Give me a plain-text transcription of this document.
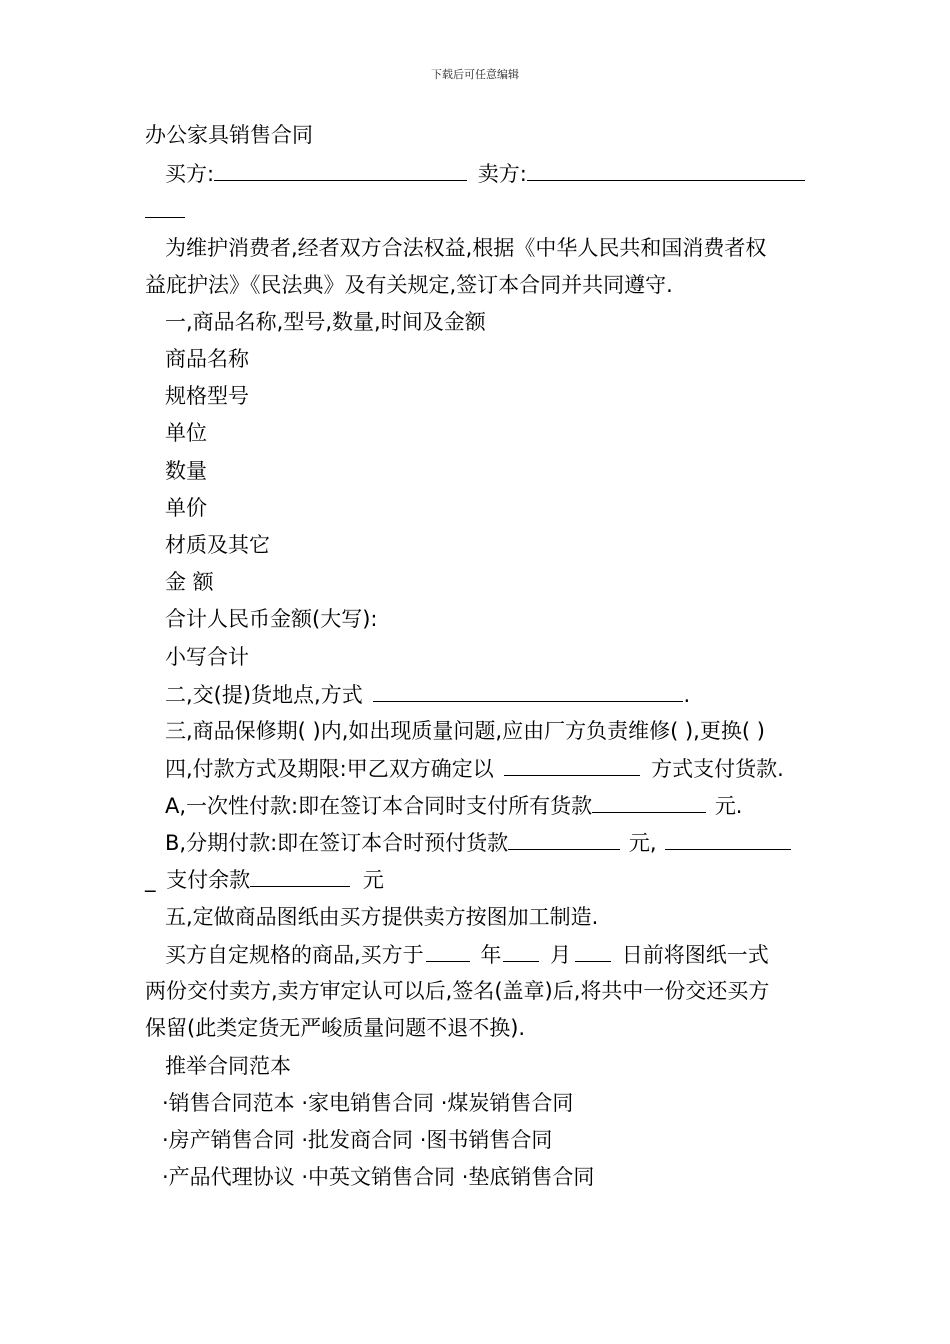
下载后可任意编辑
办公家具销售合同
买方:	卖方:
为维护消费者,经者双方合法权益,根据《中华人民共和国消费者权
益庇护法》《民法典》及有关规定,签订本合同并共同遵守.
一,商品名称,型号,数量,时间及金额
商品名称
规格型号
单位
数量
单价
材质及其它
金 额
合计人民币金额(大写):
小写合计
二,交(提)货地点,方式	.
三,商品保修期( )内,如出现质量问题,应由厂方负责维修( ),更换( )
四,付款方式及期限:甲乙双方确定以	方式支付货款.
A,一次性付款:即在签订本合同时支付所有货款	元.
B,分期付款:即在签订本合时预付货款	元,
_ 支付余款	元
五,定做商品图纸由买方提供卖方按图加工制造.
买方自定规格的商品,买方于	年 月 日前将图纸一式
两份交付卖方,卖方审定认可以后,签名(盖章)后,将共中一份交还买方
保留(此类定货无严峻质量问题不退不换).
推举合同范本
·销售合同范本 ·家电销售合同 ·煤炭销售合同
·房产销售合同 ·批发商合同 ·图书销售合同
·产品代理协议 ·中英文销售合同 ·垫底销售合同
